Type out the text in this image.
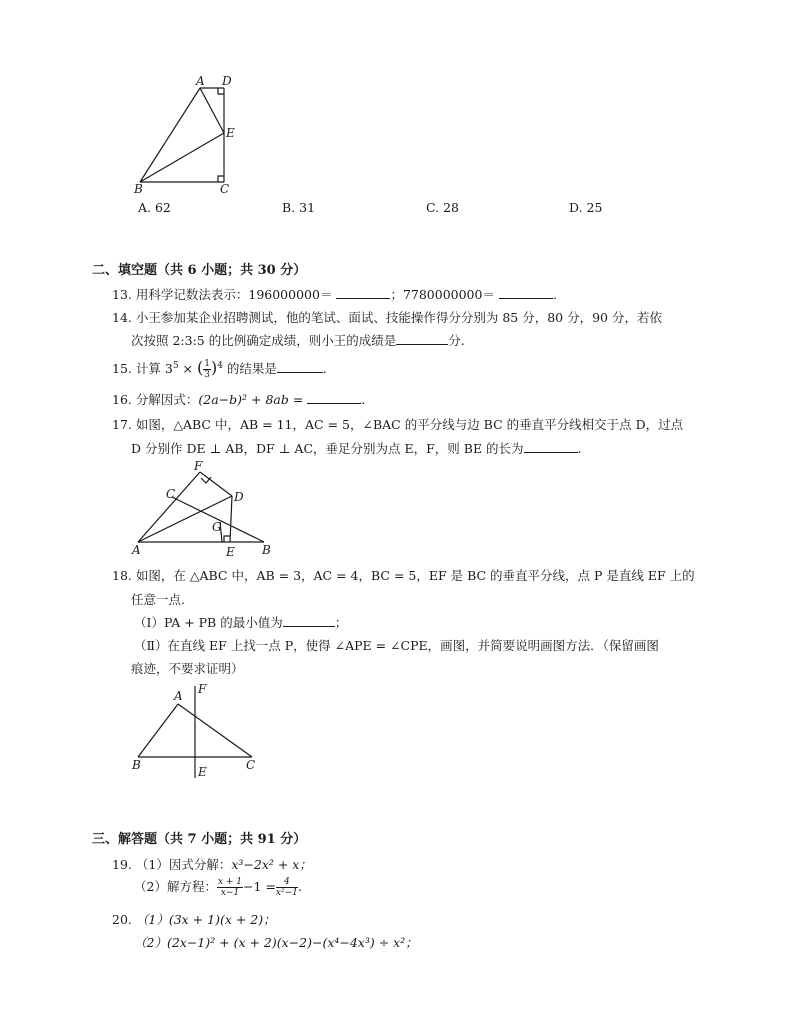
A D
E
B	C
A. 62	B. 31	C. 28	D. 25
二、填空题（共 6 小题；共 30 分）
13. 用科学记数法表示：196000000＝	；7780000000＝	.
14. 小王参加某企业招聘测试，他的笔试、面试、技能操作得分分别为 85 分，80 分，90 分，若依
次按照 2:3:5 的比例确定成绩，则小王的成绩是	分.
15. 计算 $3^5$ × ( $\frac{1}{3} )^4$ 的结果是	.
16. 分解因式：(2a−b)² + 8ab =	.
17. 如图，△ABC 中，AB = 11，AC = 5，∠BAC 的平分线与边 BC 的垂直平分线相交于点 D，过点
D 分别作 DE ⊥ AB，DF ⊥ AC，垂足分别为点 E，F，则 BE 的长为	.
F
C	D
G
A	E B
18. 如图，在 △ABC 中，AB = 3，AC = 4，BC = 5，EF 是 BC 的垂直平分线，点 P 是直线 EF 上的
任意一点.
（Ⅰ）PA + PB 的最小值为	；
（Ⅱ）在直线 EF 上找一点 P，使得 ∠APE = ∠CPE，画图，并简要说明画图方法．（保留画图
痕迹，不要求证明）
A F
B	E	C
三、解答题（共 7 小题；共 91 分）
19. （1）因式分解：x³−2x² + x；
（2）解方程： $\frac{x + 1}{x-1} -1 = \frac{4}{\text{x²−1}}$ .
20. （1）(3x + 1)(x + 2)；
（2）(2x−1)² + (x + 2)(x−2)−(x⁴−4x³) ÷ x²；
